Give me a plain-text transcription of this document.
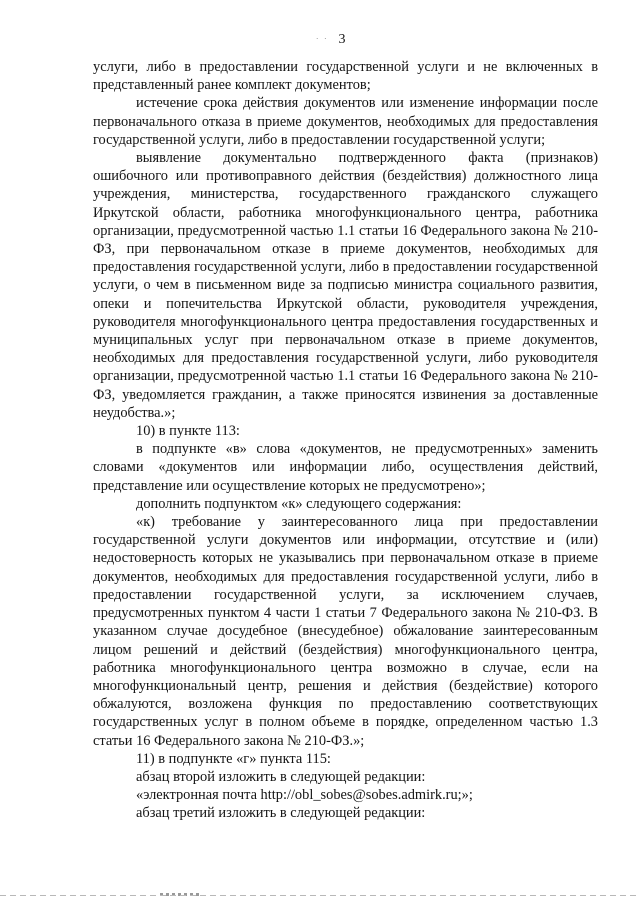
· · 3

услуги, либо в предоставлении государственной услуги и не включенных в представленный ранее комплект документов;

истечение срока действия документов или изменение информации после первоначального отказа в приеме документов, необходимых для предоставления государственной услуги, либо в предоставлении государственной услуги;

выявление документально подтвержденного факта (признаков) ошибочного или противоправного действия (бездействия) должностного лица учреждения, министерства, государственного гражданского служащего Иркутской области, работника многофункционального центра, работника организации, предусмотренной частью 1.1 статьи 16 Федерального закона № 210-ФЗ, при первоначальном отказе в приеме документов, необходимых для предоставления государственной услуги, либо в предоставлении государственной услуги, о чем в письменном виде за подписью министра социального развития, опеки и попечительства Иркутской области, руководителя учреждения, руководителя многофункционального центра предоставления государственных и муниципальных услуг при первоначальном отказе в приеме документов, необходимых для предоставления государственной услуги, либо руководителя организации, предусмотренной частью 1.1 статьи 16 Федерального закона № 210-ФЗ, уведомляется гражданин, а также приносятся извинения за доставленные неудобства.»;

10) в пункте 113:

в подпункте «в» слова «документов, не предусмотренных» заменить словами «документов или информации либо, осуществления действий, представление или осуществление которых не предусмотрено»;

дополнить подпунктом «к» следующего содержания:

«к) требование у заинтересованного лица при предоставлении государственной услуги документов или информации, отсутствие и (или) недостоверность которых не указывались при первоначальном отказе в приеме документов, необходимых для предоставления государственной услуги, либо в предоставлении государственной услуги, за исключением случаев, предусмотренных пунктом 4 части 1 статьи 7 Федерального закона № 210-ФЗ. В указанном случае досудебное (внесудебное) обжалование заинтересованным лицом решений и действий (бездействия) многофункционального центра, работника многофункционального центра возможно в случае, если на многофункциональный центр, решения и действия (бездействие) которого обжалуются, возложена функция по предоставлению соответствующих государственных услуг в полном объеме в порядке, определенном частью 1.3 статьи 16 Федерального закона № 210-ФЗ.»;

11) в подпункте «г» пункта 115:

абзац второй изложить в следующей редакции:

«электронная почта http://obl_sobes@sobes.admirk.ru;»;

абзац третий изложить в следующей редакции:
